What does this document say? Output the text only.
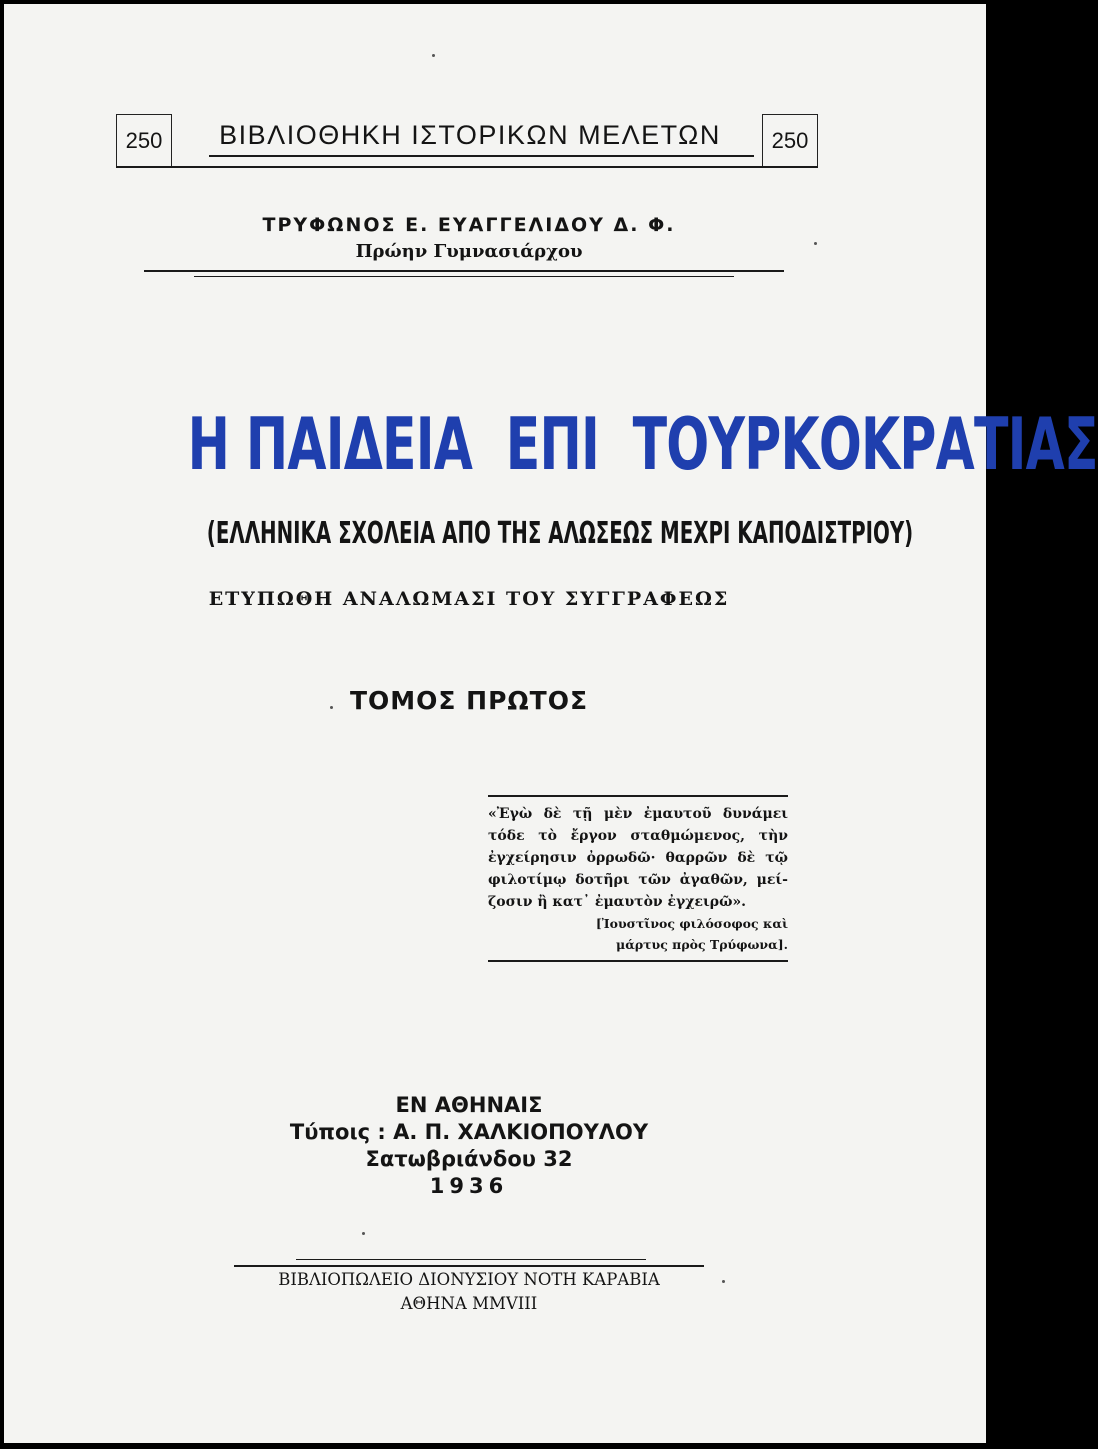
250	ΒΙΒΛΙΟΘΗΚΗ ΙΣΤΟΡΙΚΩΝ ΜΕΛΕΤΩΝ	250
ΤΡΥΦΩΝΟΣ Ε. ΕΥΑΓΓΕΛΙΔΟΥ Δ. Φ.
Πρώην Γυμνασιάρχου
Η ΠΑΙΔΕΙΑ  ΕΠΙ  ΤΟΥΡΚΟΚΡΑΤΙΑΣ
(ΕΛΛΗΝΙΚΑ ΣΧΟΛΕΙΑ ΑΠΟ ΤΗΣ ΑΛΩΣΕΩΣ ΜΕΧΡΙ ΚΑΠΟΔΙΣΤΡΙΟΥ)
ΕΤΥΠΩΘΗ ΑΝΑΛΩΜΑΣΙ ΤΟΥ ΣΥΓΓΡΑΦΕΩΣ
ΤΟΜΟΣ ΠΡΩΤΟΣ
«Ἐγὼ δὲ τῇ μὲν ἐμαυτοῦ δυνάμει
τόδε τὸ ἔργον σταθμώμενος, τὴν
ἐγχείρησιν ὀρρωδῶ· θαρρῶν δὲ τῷ
φιλοτίμῳ δοτῆρι τῶν ἀγαθῶν, μεί-
ζοσιν ἢ κατ᾽ ἐμαυτὸν ἐγχειρῶ».
[Ἰουστῖνος φιλόσοφος καὶ
μάρτυς πρὸς Τρύφωνα].
ΕΝ ΑΘΗΝΑΙΣ
Τύποις : Α. Π. ΧΑΛΚΙΟΠΟΥΛΟΥ
Σατωβριάνδου 32
1936
ΒΙΒΛΙΟΠΩΛΕΙΟ ΔΙΟΝΥΣΙΟΥ ΝΟΤΗ ΚΑΡΑΒΙΑ
ΑΘΗΝΑ MMVIII
